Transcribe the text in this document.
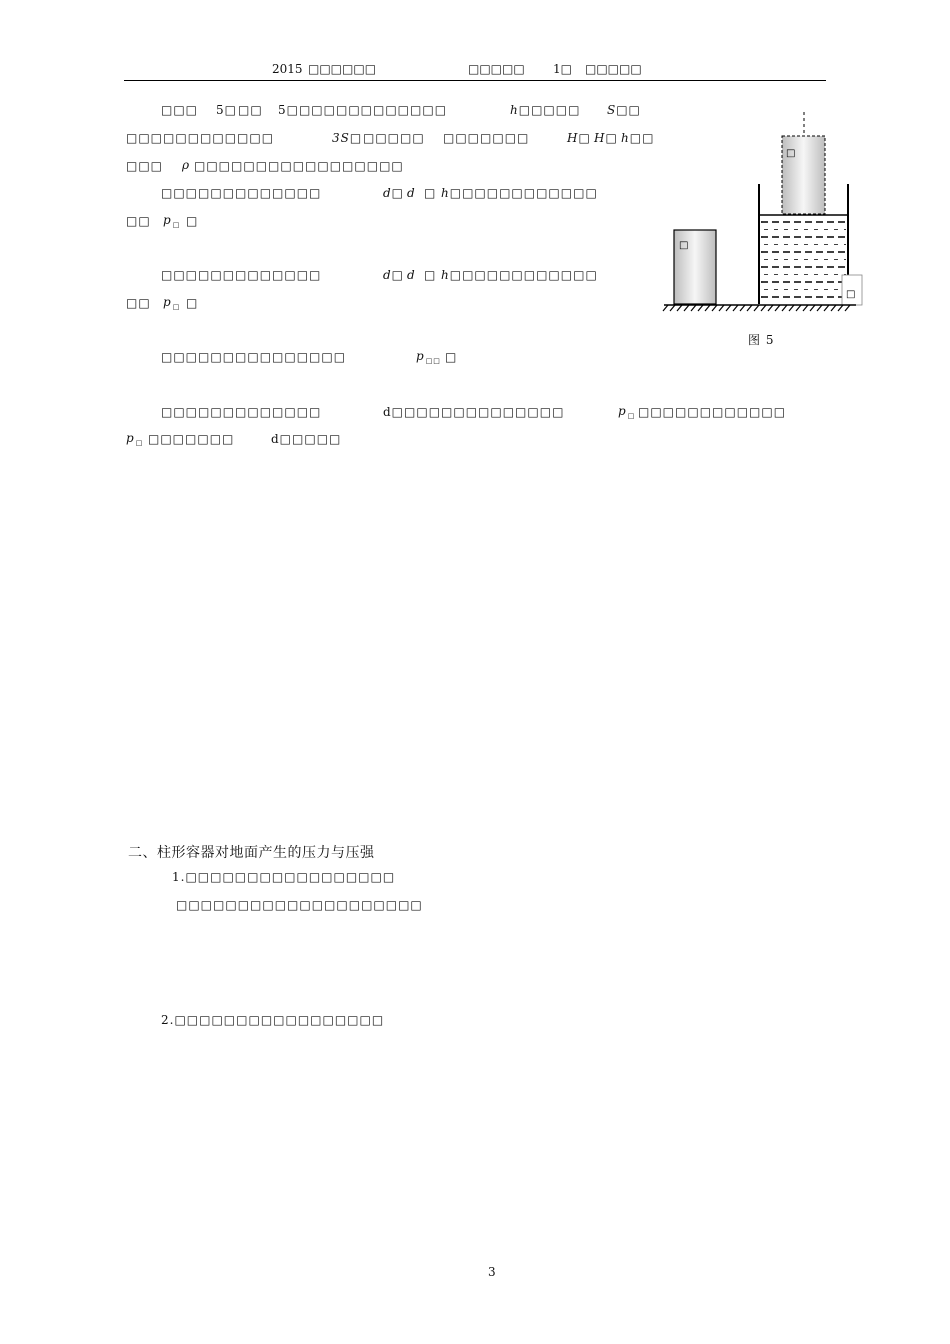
2015 □□□□□□	□□□□□ 1□ □□□□□
□□□ 5□ □□ 5□□□□□□□□□□□□□	h□□□□□ S□□
□□□□□□□□□□□□	3S□ □□□□□ □□□□□□□	H□ H□ h□□
□□□ ρ □□□□□□□□□□□□□□□□□
□□□□□□□□□□□□□	d□ d □ h□□□□□□□□□□□□
□□ $p_□$ □
□□□□□□□□□□□□□	d□ d □ h□□□□□□□□□□□□
□□ $p_□$ □
□□□□□□□□□□□□□□□	$p_{□□}$ □
□□□□□□□□□□□□□	d□□□□□□□□□□□□□□	$p_□$ □□□□□□□□□□□□
$p_□$ □□□□□□□	d□□□□□
□
□
□
图 5
二、柱形容器对地面产生的压力与压强
1.□□□□□□□□□□□□□□□□□
□□□□□□□□□□□□□□□□□□□□
2.□□□□□□□□□□□□□□□□□
3
